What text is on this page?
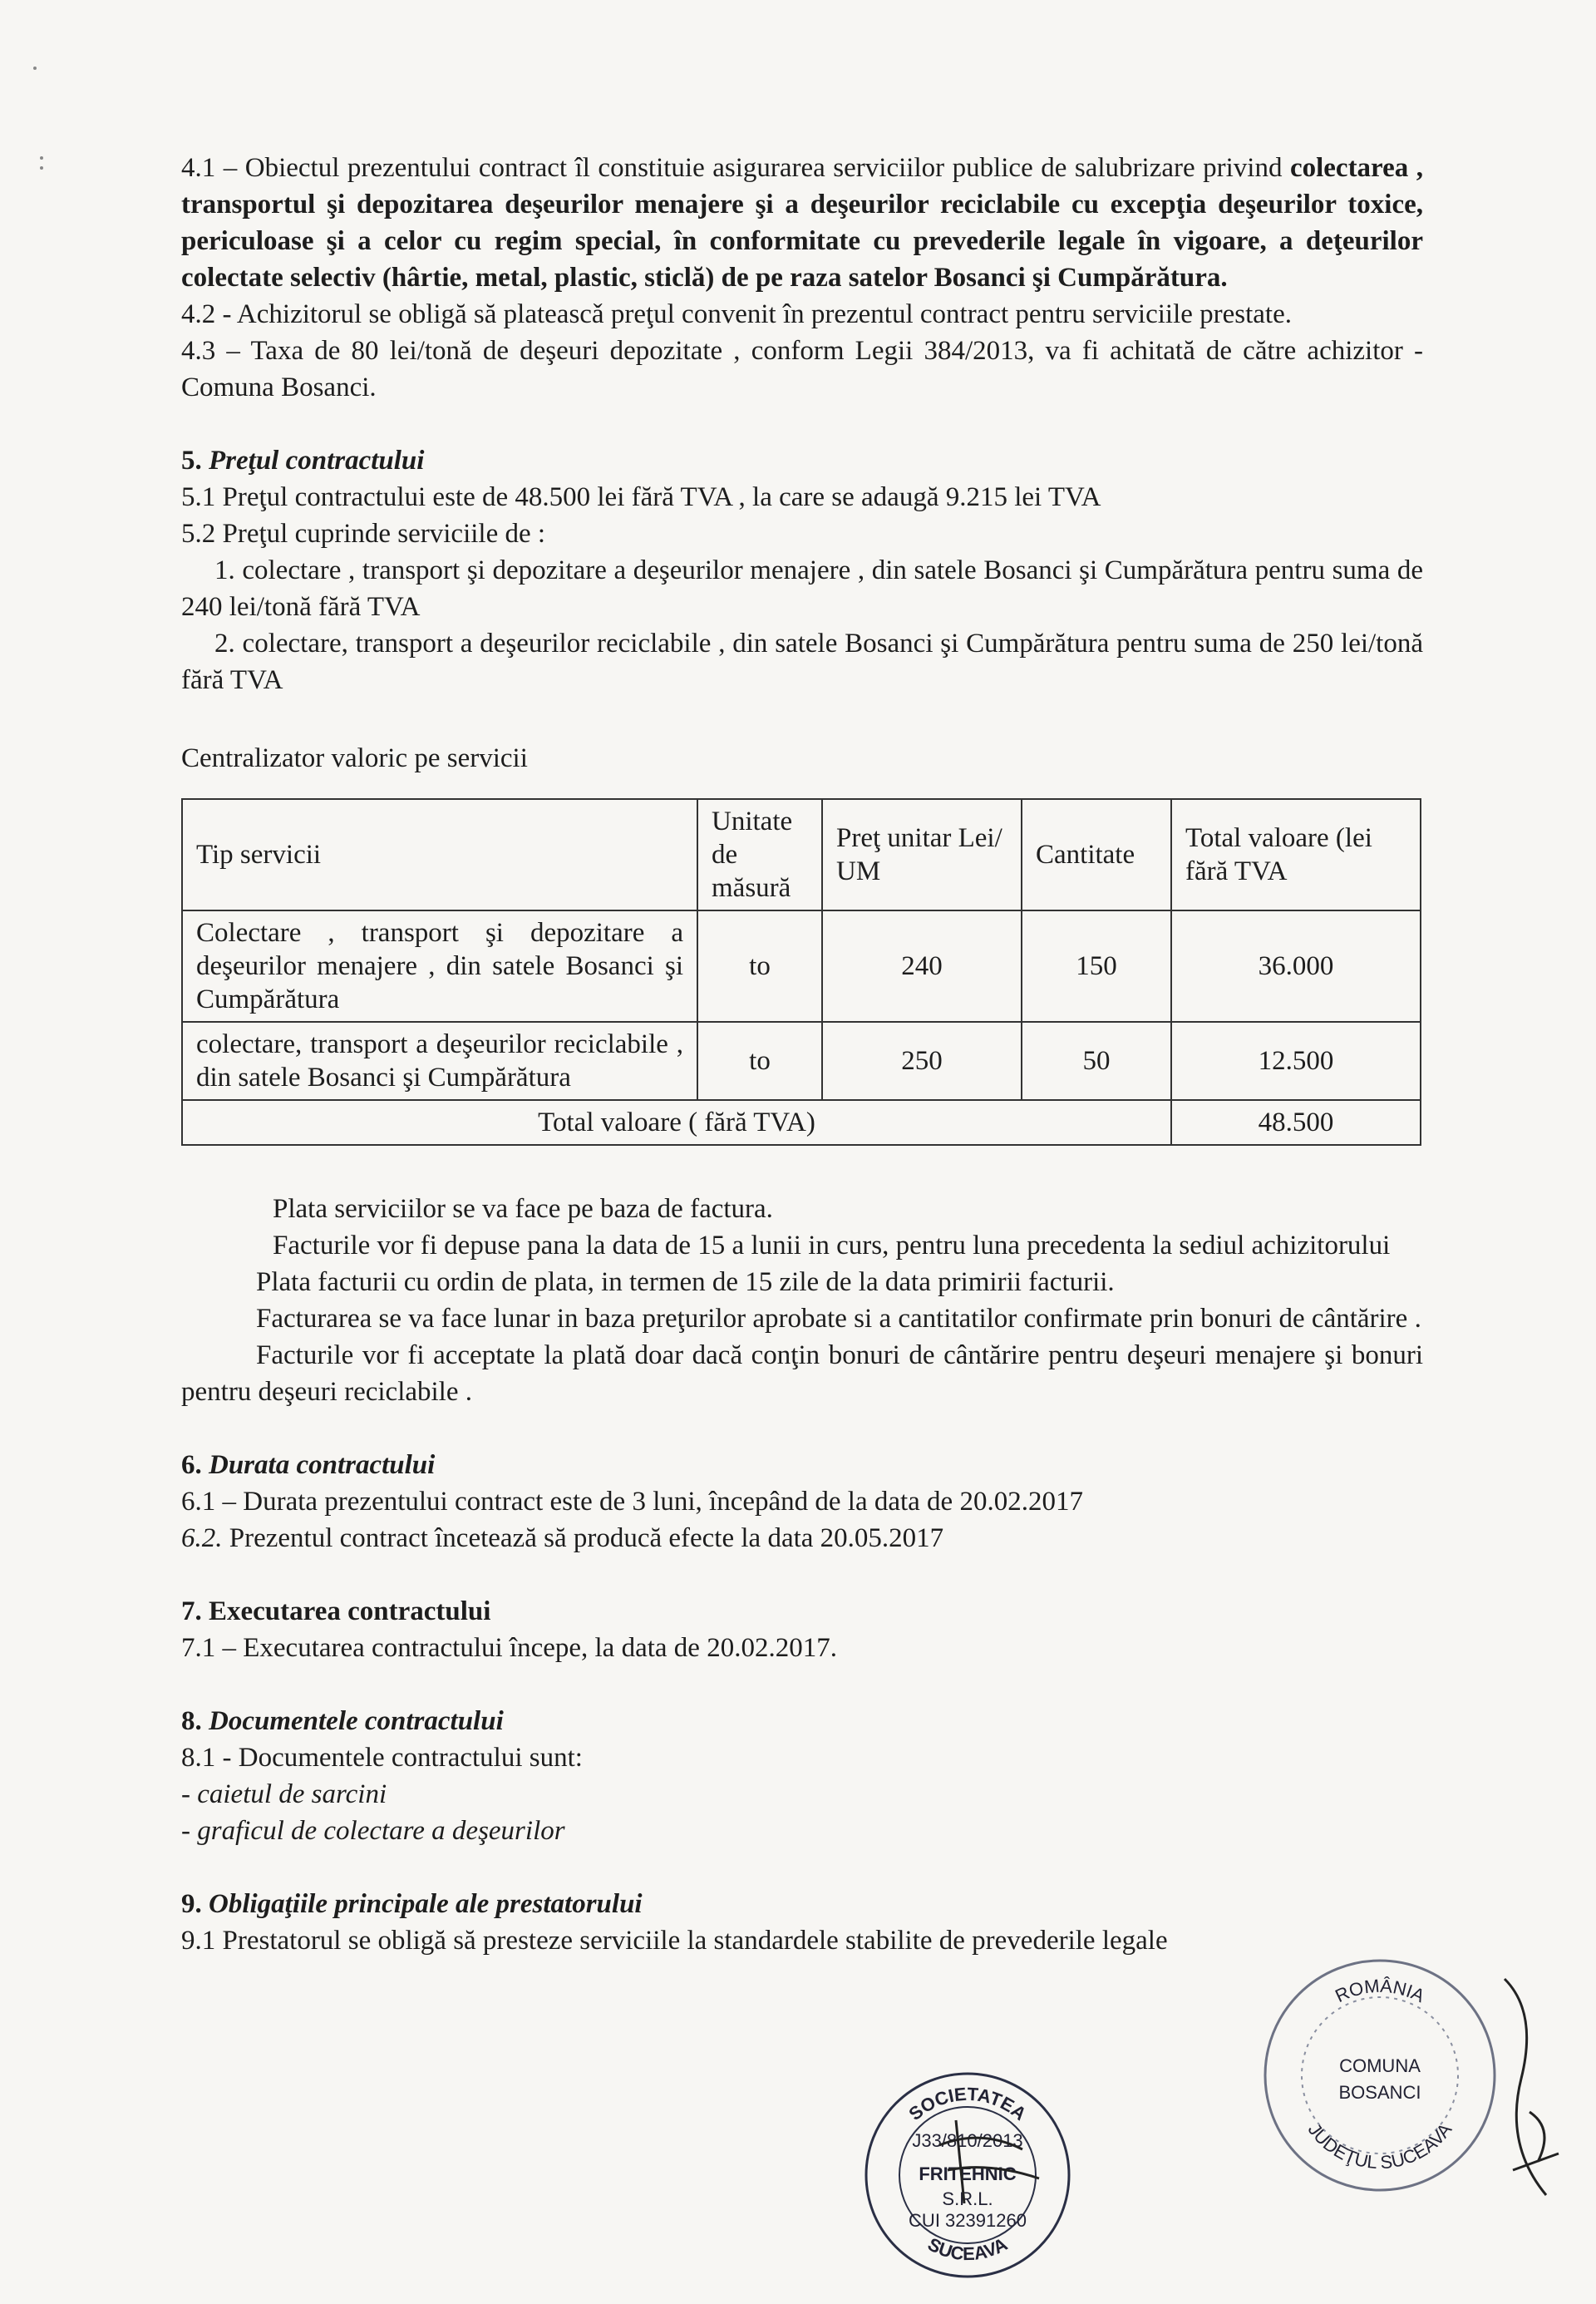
4.1 – Obiectul prezentului contract îl constituie asigurarea serviciilor publice de salubrizare privind colectarea , transportul şi depozitarea deşeurilor menajere şi a deşeurilor reciclabile cu excepţia deşeurilor toxice, periculoase şi a celor cu regim special, în conformitate cu prevederile legale în vigoare, a deţeurilor colectate selectiv (hârtie, metal, plastic, sticlă) de pe raza satelor Bosanci şi Cumpărătura.

4.2 - Achizitorul se obligă să plateascǎ preţul convenit în prezentul contract pentru serviciile prestate.

4.3 – Taxa de 80 lei/tonă de deşeuri depozitate , conform Legii 384/2013, va fi achitată de către achizitor - Comuna Bosanci.

5. Preţul contractului

5.1 Preţul contractului este de 48.500 lei fără TVA , la care se adaugă 9.215 lei TVA

5.2 Preţul cuprinde serviciile de :

1. colectare , transport şi depozitare a deşeurilor menajere , din satele Bosanci şi Cumpărătura pentru suma de 240 lei/tonă fără TVA

2. colectare, transport a deşeurilor reciclabile , din satele Bosanci şi Cumpărătura pentru suma de 250 lei/tonă fără TVA

Centralizator valoric pe servicii

Tip servicii	Unitate de măsură	Preţ unitar Lei/ UM	Cantitate	Total valoare (lei fără TVA
Colectare , transport şi depozitare a deşeurilor menajere , din satele Bosanci şi Cumpărătura	to	240	150	36.000
colectare, transport a deşeurilor reciclabile , din satele Bosanci şi Cumpărătura	to	250	50	12.500
Total valoare ( fără TVA)				48.500

Plata serviciilor se va face pe baza de factura.

Facturile vor fi depuse pana la data de 15 a lunii in curs, pentru luna precedenta la sediul achizitorului

Plata facturii cu ordin de plata, in termen de 15 zile de la data primirii facturii.

Facturarea se va face lunar in baza preţurilor aprobate si a cantitatilor confirmate prin bonuri de cântărire .

Facturile vor fi acceptate la plată doar dacă conţin bonuri de cântărire pentru deşeuri menajere şi bonuri pentru deşeuri reciclabile .

6. Durata contractului

6.1 – Durata prezentului contract este de 3 luni, începând de la data de 20.02.2017

6.2. Prezentul contract încetează să producă efecte la data 20.05.2017

7. Executarea contractului

7.1 – Executarea contractului începe, la data de 20.02.2017.

8. Documentele contractului

8.1 - Documentele contractului sunt:

- caietul de sarcini

- graficul de colectare a deşeurilor

9. Obligaţiile principale ale prestatorului

9.1 Prestatorul se obligă să presteze serviciile la standardele stabilite de prevederile legale

SOCIETATEA
J33/810/2013
FRITEHNIC
S.R.L.
CUI 32391260
SUCEAVA
ROMÂNIA
COMUNA
BOSANCI
JUDEŢUL SUCEAVA
